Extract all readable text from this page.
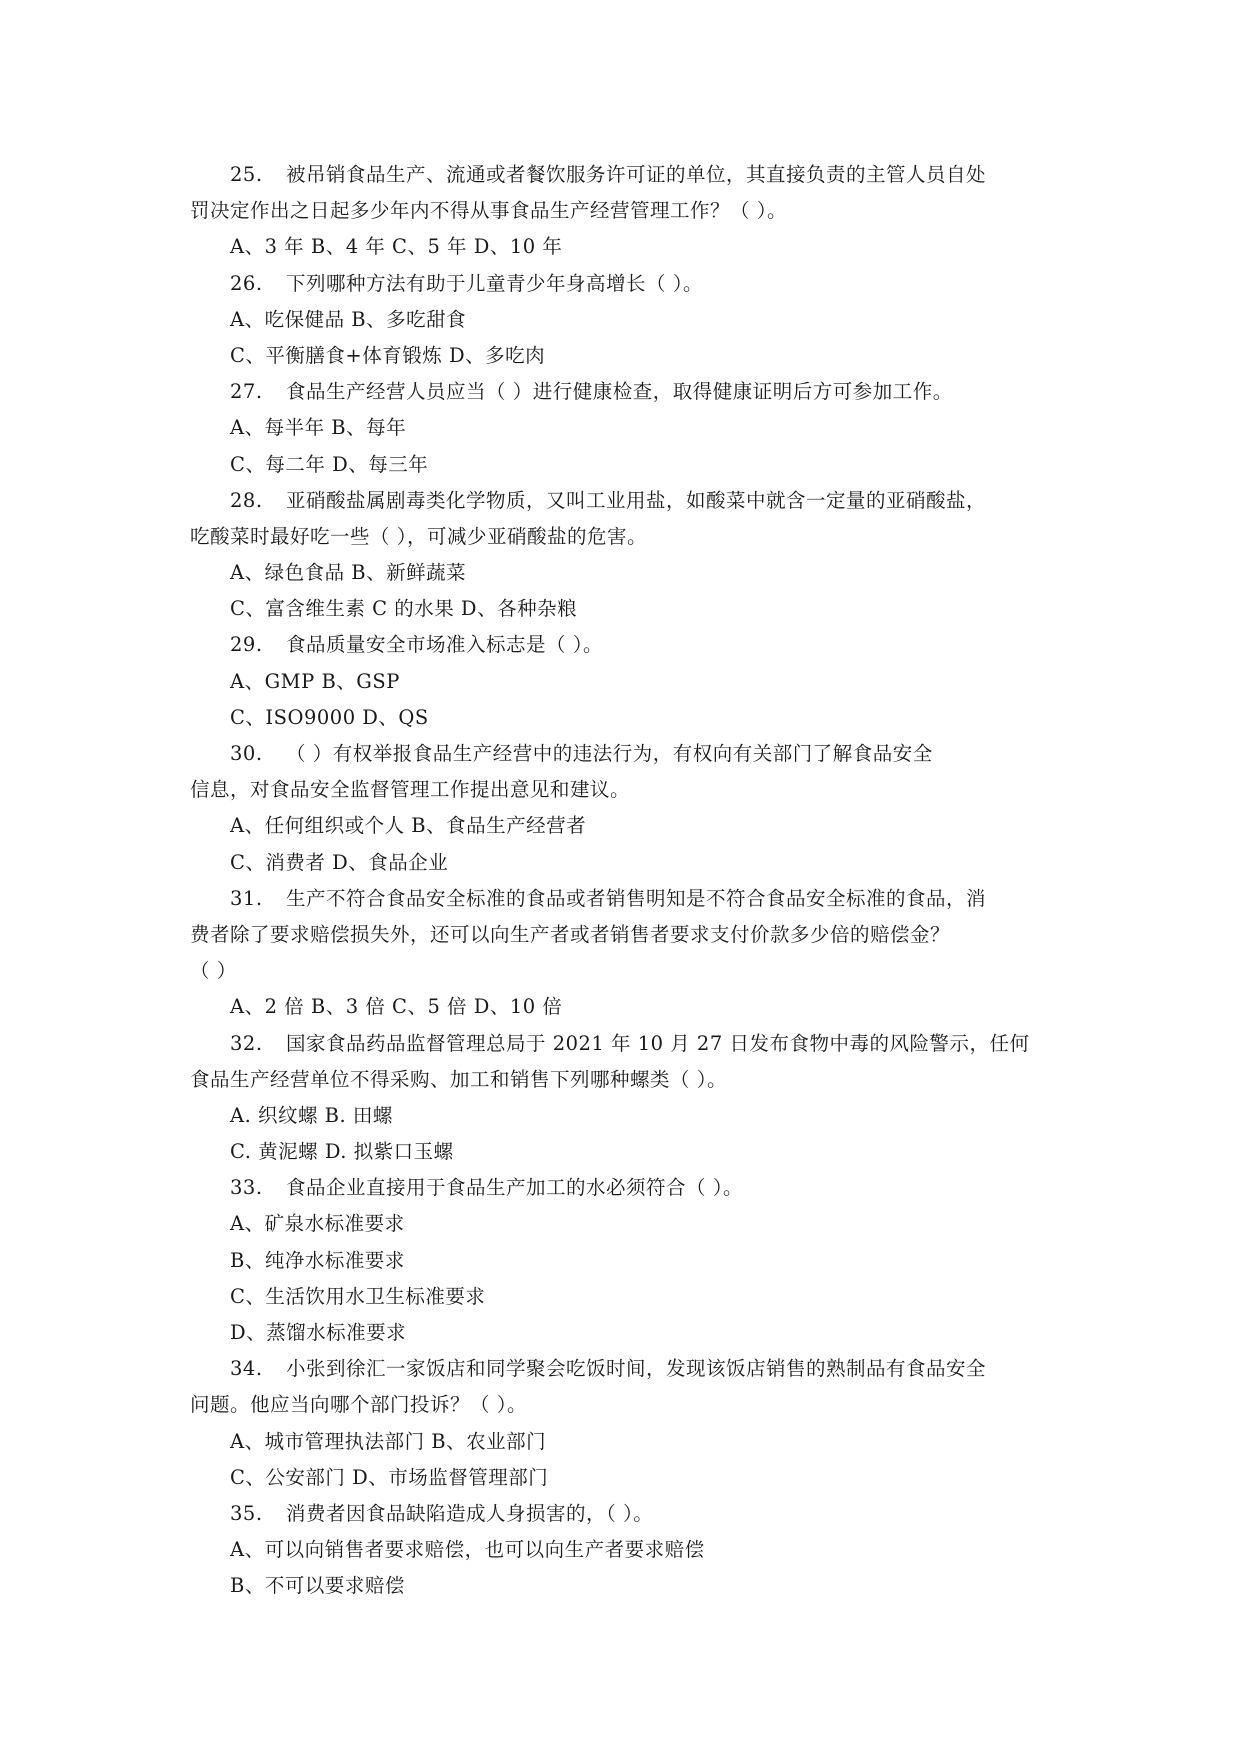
25. 被吊销食品生产、流通或者餐饮服务许可证的单位，其直接负责的主管人员自处
罚决定作出之日起多少年内不得从事食品生产经营管理工作？（ ）。
A、3 年 B、4 年 C、5 年 D、10 年
26. 下列哪种方法有助于儿童青少年身高增长（ ）。
A、吃保健品 B、多吃甜食
C、平衡膳食+体育锻炼 D、多吃肉
27. 食品生产经营人员应当（ ）进行健康检查，取得健康证明后方可参加工作。
A、每半年 B、每年
C、每二年 D、每三年
28. 亚硝酸盐属剧毒类化学物质，又叫工业用盐，如酸菜中就含一定量的亚硝酸盐，
吃酸菜时最好吃一些（ ），可减少亚硝酸盐的危害。
A、绿色食品 B、新鲜蔬菜
C、富含维生素 C 的水果 D、各种杂粮
29. 食品质量安全市场准入标志是（ ）。
A、GMP B、GSP
C、ISO9000 D、QS
30. （ ）有权举报食品生产经营中的违法行为，有权向有关部门了解食品安全
信息，对食品安全监督管理工作提出意见和建议。
A、任何组织或个人 B、食品生产经营者
C、消费者 D、食品企业
31. 生产不符合食品安全标准的食品或者销售明知是不符合食品安全标准的食品，消
费者除了要求赔偿损失外，还可以向生产者或者销售者要求支付价款多少倍的赔偿金？
（ ）
A、2 倍 B、3 倍 C、5 倍 D、10 倍
32. 国家食品药品监督管理总局于 2021 年 10 月 27 日发布食物中毒的风险警示，任何
食品生产经营单位不得采购、加工和销售下列哪种螺类（ ）。
A. 织纹螺 B. 田螺
C. 黄泥螺 D. 拟紫口玉螺
33. 食品企业直接用于食品生产加工的水必须符合（ ）。
A、矿泉水标准要求
B、纯净水标准要求
C、生活饮用水卫生标准要求
D、蒸馏水标准要求
34. 小张到徐汇一家饭店和同学聚会吃饭时间，发现该饭店销售的熟制品有食品安全
问题。他应当向哪个部门投诉？（ ）。
A、城市管理执法部门 B、农业部门
C、公安部门 D、市场监督管理部门
35. 消费者因食品缺陷造成人身损害的，（ ）。
A、可以向销售者要求赔偿，也可以向生产者要求赔偿
B、不可以要求赔偿
